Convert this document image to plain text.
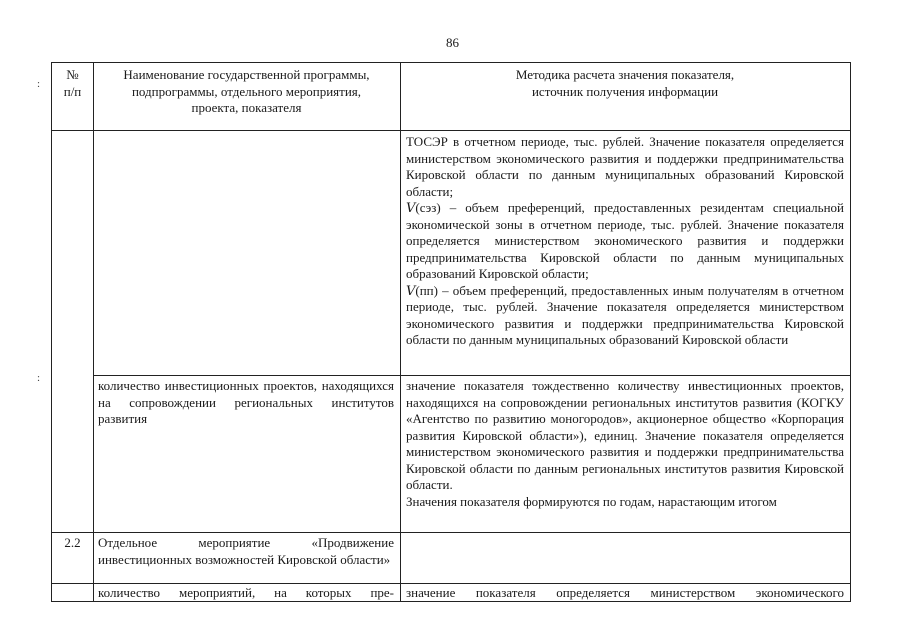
86
:
:
№
п/п
Наименование государственной программы,
подпрограммы, отдельного мероприятия,
проекта, показателя
Методика расчета значения показателя,
источник получения информации

ТОСЭР в отчетном периоде, тыс. рублей. Значение показателя определяется министерством экономического развития и поддержки предпринимательства Кировской области по данным муниципальных образований Кировской области;

𝑉(сэз) – объем преференций, предоставленных резидентам специальной экономической зоны в отчетном периоде, тыс. рублей. Значение показателя определяется министерством экономического развития и поддержки предпринимательства Кировской области по данным муниципальных образований Кировской области;

𝑉(пп) – объем преференций, предоставленных иным получателям в отчетном периоде, тыс. рублей. Значение показателя определяется министерством экономического развития и поддержки предпринимательства Кировской области по данным муниципальных образований Кировской области

количество инвестиционных проектов, находящихся на сопровождении региональных институтов развития

значение показателя тождественно количеству инвестиционных проектов, находящихся на сопровождении региональных институтов развития (КОГКУ «Агентство по развитию моногородов», акционерное общество «Корпорация развития Кировской области»), единиц. Значение показателя определяется министерством экономического развития и поддержки предпринимательства Кировской области по данным региональных институтов развития Кировской области.

Значения показателя формируются по годам, нарастающим итогом

2.2	Отдельное мероприятие «Продвижение инвестиционных возможностей Кировской области»
количество мероприятий, на которых пре- значение показателя определяется министерством экономического
